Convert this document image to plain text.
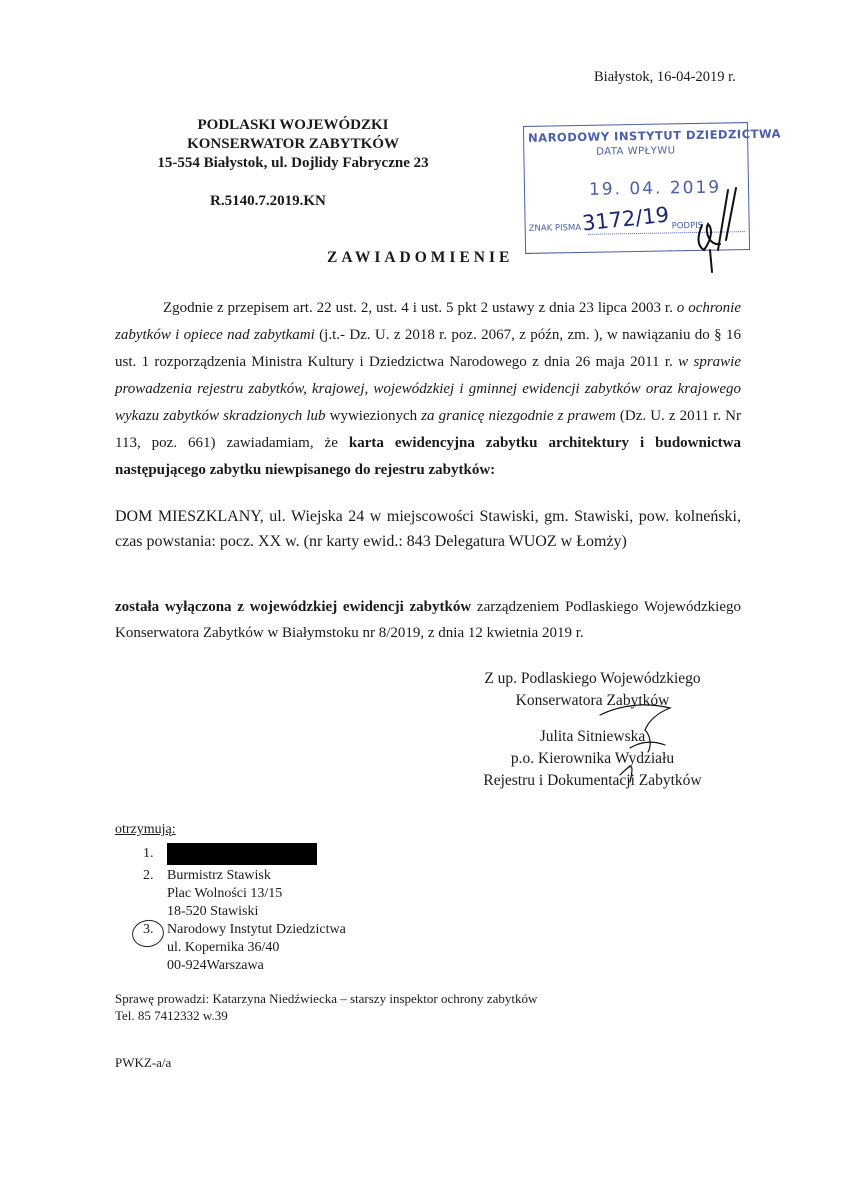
Białystok, 16-04-2019 r.
PODLASKI WOJEWÓDZKI
KONSERWATOR ZABYTKÓW
15-554 Białystok, ul. Dojlidy Fabryczne 23
R.5140.7.2019.KN
NARODOWY INSTYTUT DZIEDZICTWA
DATA WPŁYWU
19. 04. 2019
ZNAK PISMA	PODPIS
3172/19
ZAWIADOMIENIE
Zgodnie z przepisem art. 22 ust. 2, ust. 4 i ust. 5 pkt 2 ustawy z dnia 23 lipca 2003 r. o ochronie zabytków i opiece nad zabytkami (j.t.- Dz. U. z 2018 r. poz. 2067, z późn, zm. ), w nawiązaniu do § 16 ust. 1 rozporządzenia Ministra Kultury i Dziedzictwa Narodowego z dnia 26 maja 2011 r. w sprawie prowadzenia rejestru zabytków, krajowej, wojewódzkiej i gminnej ewidencji zabytków oraz krajowego wykazu zabytków skradzionych lub wywiezionych za granicę niezgodnie z prawem (Dz. U. z 2011 r. Nr 113, poz. 661) zawiadamiam, że karta ewidencyjna zabytku architektury i budownictwa następującego zabytku niewpisanego do rejestru zabytków:
DOM MIESZKLANY, ul. Wiejska 24 w miejscowości Stawiski, gm. Stawiski, pow. kolneński, czas powstania: pocz. XX w. (nr karty ewid.: 843 Delegatura WUOZ w Łomży)
została wyłączona z wojewódzkiej ewidencji zabytków zarządzeniem Podlaskiego Wojewódzkiego Konserwatora Zabytków w Białymstoku nr 8/2019, z dnia 12 kwietnia 2019 r.
Z up. Podlaskiego Wojewódzkiego
Konserwatora Zabytków
Julita Sitniewska
p.o. Kierownika Wydziału
Rejestru i Dokumentacji Zabytków
otrzymują:
1.
2. Burmistrz Stawisk
Plac Wolności 13/15
18-520 Stawiski
3. Narodowy Instytut Dziedzictwa
ul. Kopernika 36/40
00-924Warszawa
Sprawę prowadzi: Katarzyna Niedźwiecka – starszy inspektor ochrony zabytków
Tel. 85 7412332 w.39
PWKZ-a/a
